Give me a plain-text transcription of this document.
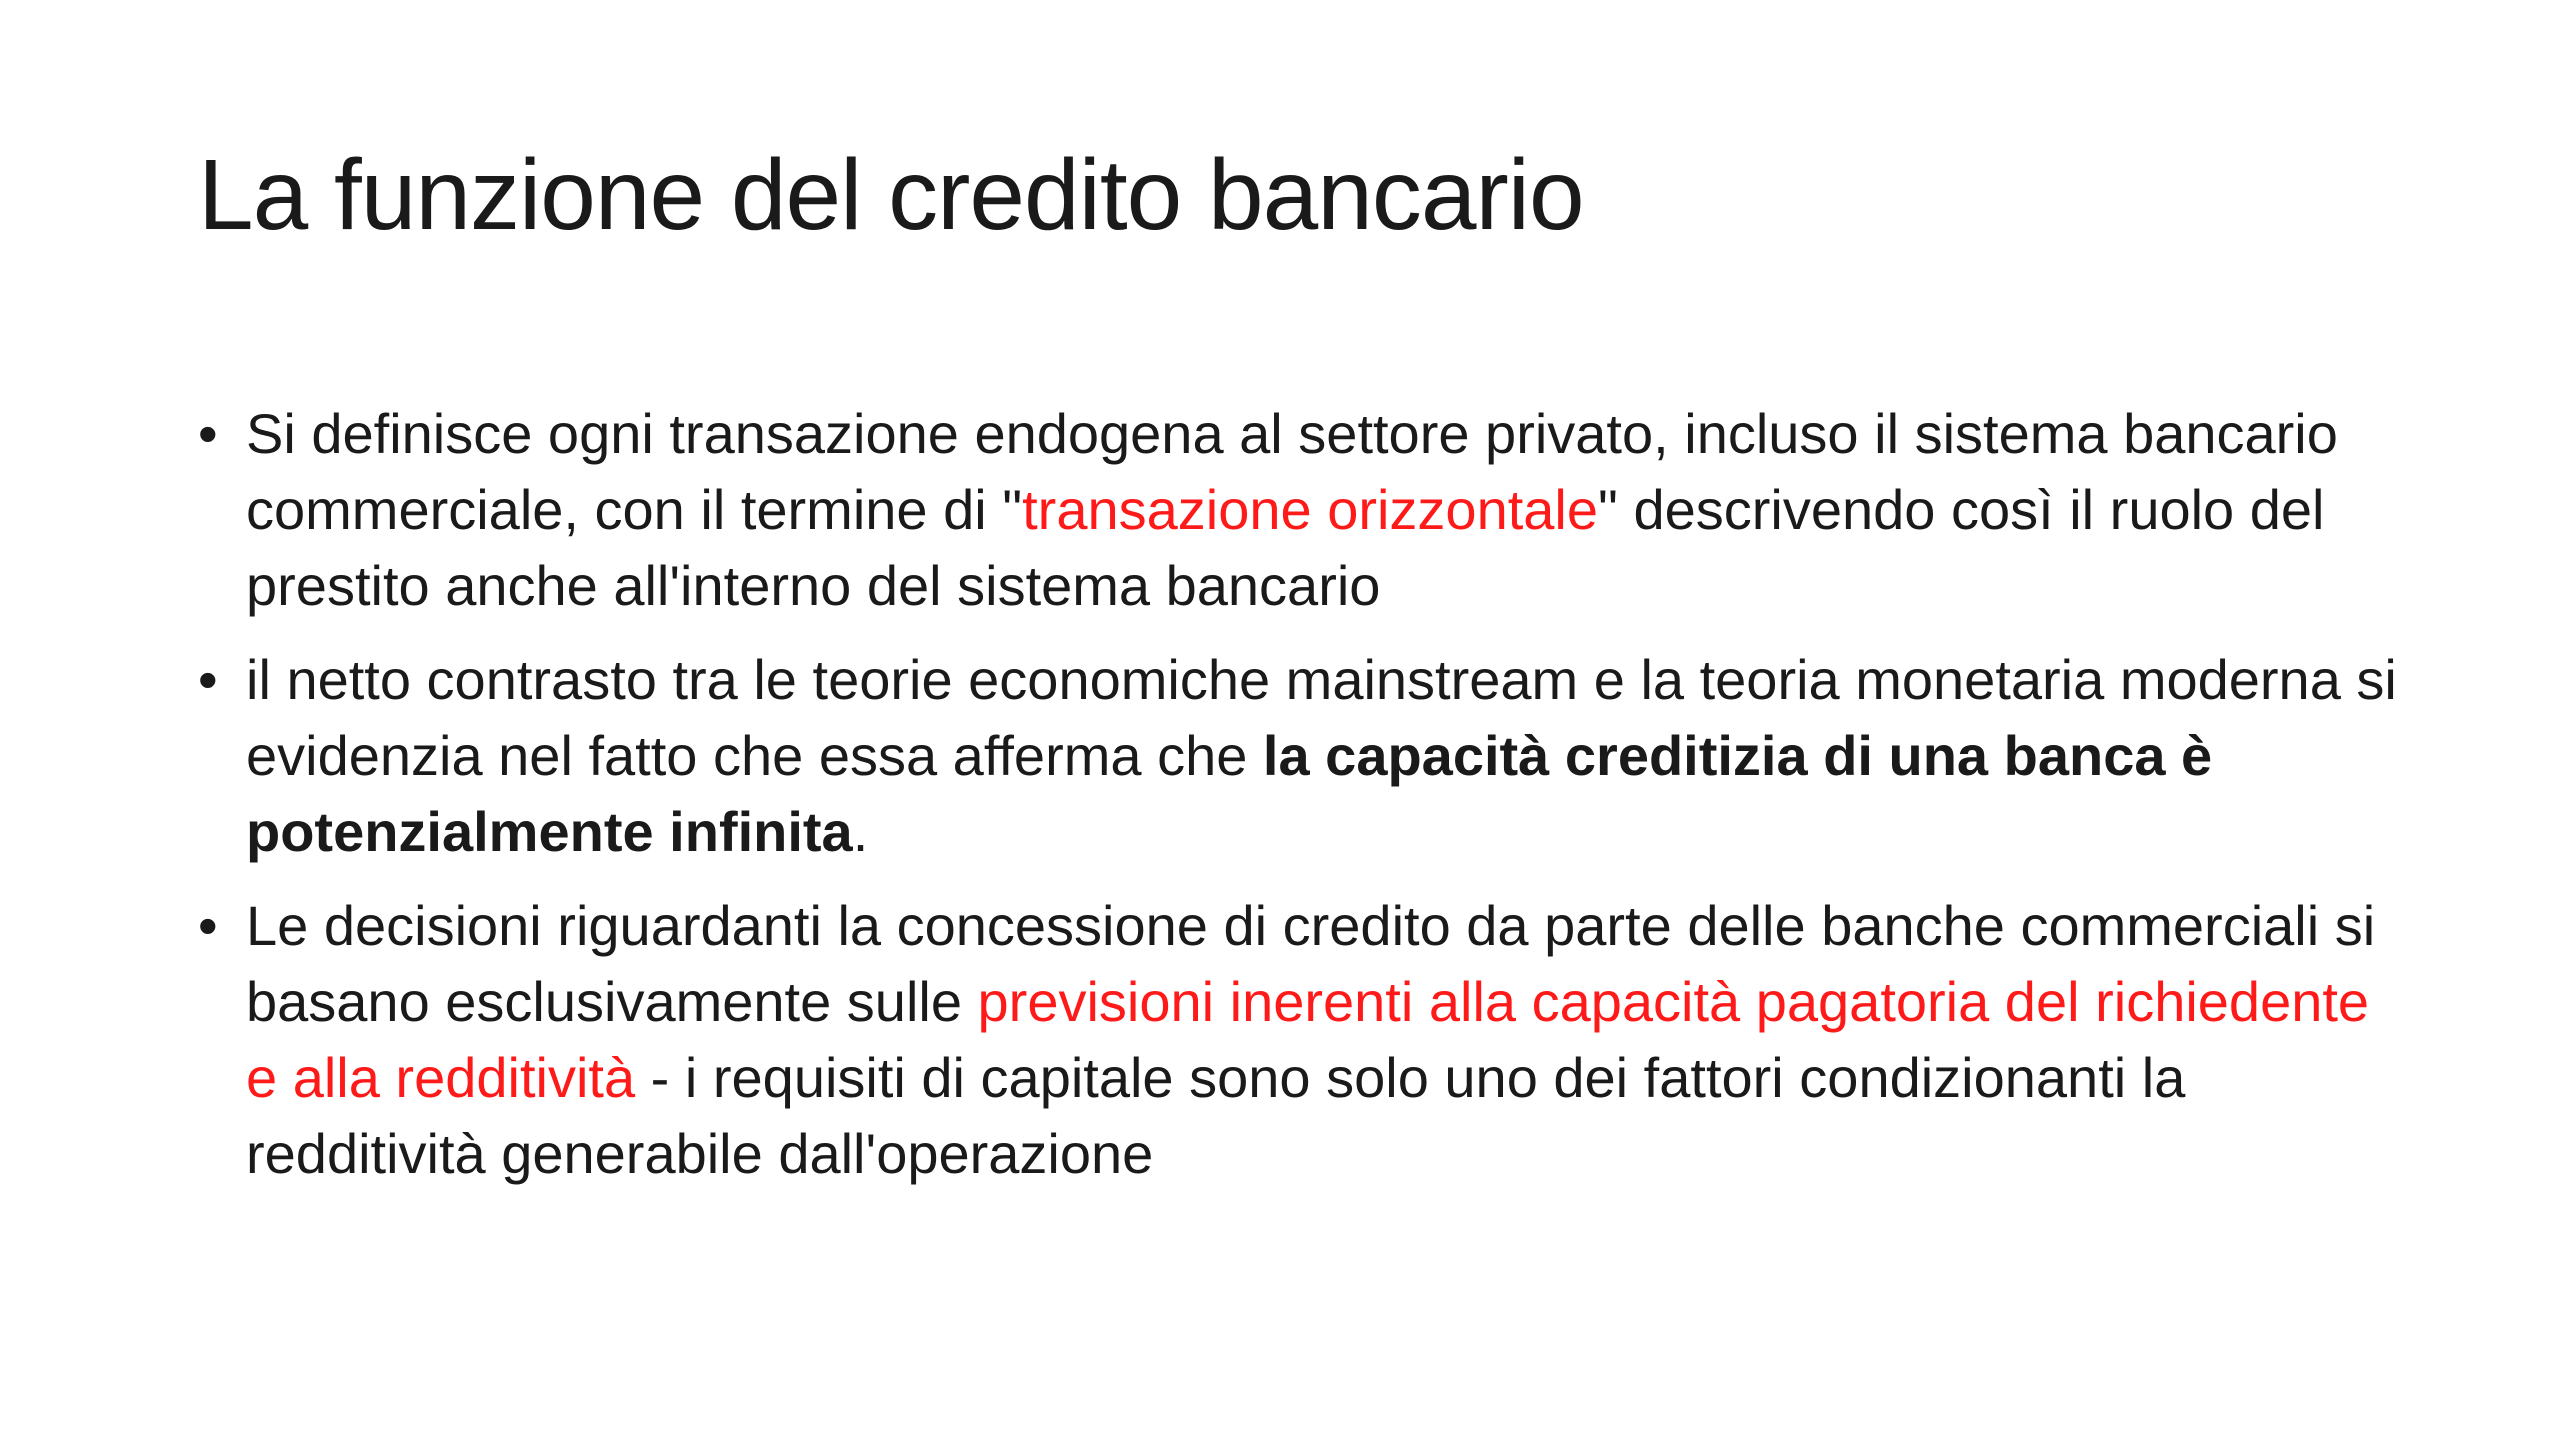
La funzione del credito bancario
• Si definisce ogni transazione endogena al settore privato, incluso il sistema bancario commerciale, con il termine di "transazione orizzontale" descrivendo così il ruolo del prestito anche all'interno del sistema bancario
• il netto contrasto tra le teorie economiche mainstream e la teoria monetaria moderna si evidenzia nel fatto che essa afferma che la capacità creditizia di una banca è potenzialmente infinita.
• Le decisioni riguardanti la concessione di credito da parte delle banche commerciali si basano esclusivamente sulle previsioni inerenti alla capacità pagatoria del richiedente e alla redditività - i requisiti di capitale sono solo uno dei fattori condizionanti la redditività generabile dall'operazione
